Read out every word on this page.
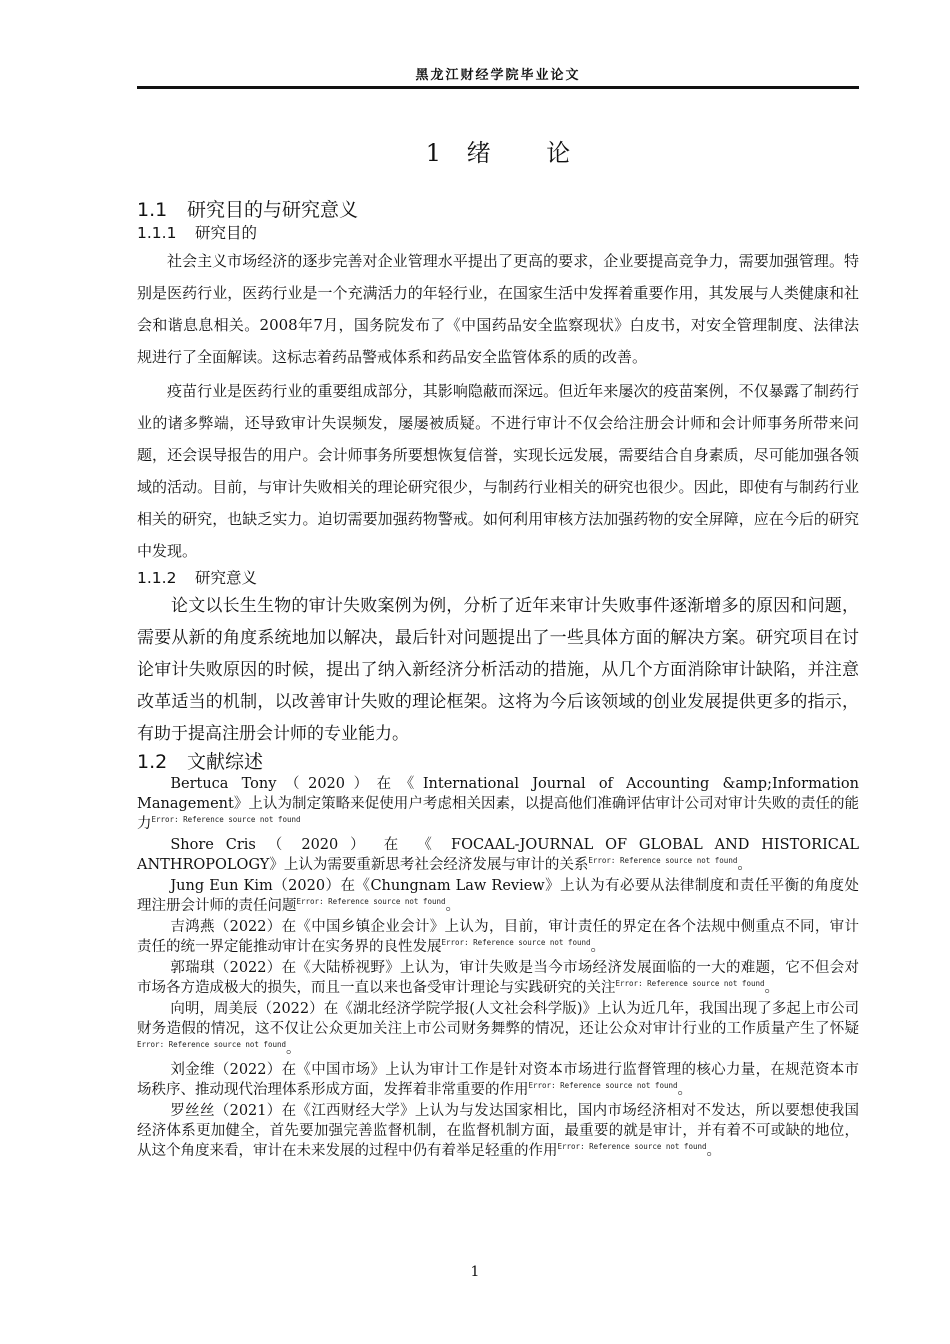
黑龙江财经学院毕业论文
1 绪 论
1.1 研究目的与研究意义
1.1.1 研究目的

社会主义市场经济的逐步完善对企业管理水平提出了更高的要求，企业要提高竞争力，需要加强管理。特别是医药行业，医药行业是一个充满活力的年轻行业，在国家生活中发挥着重要作用，其发展与人类健康和社会和谐息息相关。2008年7月，国务院发布了《中国药品安全监察现状》白皮书，对安全管理制度、法律法规进行了全面解读。这标志着药品警戒体系和药品安全监管体系的质的改善。

疫苗行业是医药行业的重要组成部分，其影响隐蔽而深远。但近年来屡次的疫苗案例，不仅暴露了制药行业的诸多弊端，还导致审计失误频发，屡屡被质疑。不进行审计不仅会给注册会计师和会计师事务所带来问题，还会误导报告的用户。会计师事务所要想恢复信誉，实现长远发展，需要结合自身素质，尽可能加强各领域的活动。目前，与审计失败相关的理论研究很少，与制药行业相关的研究也很少。因此，即使有与制药行业相关的研究，也缺乏实力。迫切需要加强药物警戒。如何利用审核方法加强药物的安全屏障，应在今后的研究中发现。

1.1.2 研究意义

论文以长生生物的审计失败案例为例，分析了近年来审计失败事件逐渐增多的原因和问题，需要从新的角度系统地加以解决，最后针对问题提出了一些具体方面的解决方案。研究项目在讨论审计失败原因的时候，提出了纳入新经济分析活动的措施，从几个方面消除审计缺陷，并注意改革适当的机制，以改善审计失败的理论框架。这将为今后该领域的创业发展提供更多的指示，有助于提高注册会计师的专业能力。

1.2 文献综述

Bertuca Tony（2020）在《International Journal of Accounting &amp;Information Management》上认为制定策略来促使用户考虑相关因素，以提高他们准确评估审计公司对审计失败的责任的能力$^{Error: Reference source not found}$

Shore Cris （ 2020 ） 在 《 FOCAAL-JOURNAL OF GLOBAL AND HISTORICAL ANTHROPOLOGY》上认为需要重新思考社会经济发展与审计的关系$^{Error: Reference source not found}$。

Jung Eun Kim（2020）在《Chungnam Law Review》上认为有必要从法律制度和责任平衡的角度处理注册会计师的责任问题$^{Error: Reference source not found}$。

吉鸿燕（2022）在《中国乡镇企业会计》上认为，目前，审计责任的界定在各个法规中侧重点不同，审计责任的统一界定能推动审计在实务界的良性发展$^{Error: Reference source not found}$。

郭瑞琪（2022）在《大陆桥视野》上认为，审计失败是当今市场经济发展面临的一大的难题，它不但会对市场各方造成极大的损失，而且一直以来也备受审计理论与实践研究的关注$^{Error: Reference source not found}$。

向明，周美辰（2022）在《湖北经济学院学报(人文社会科学版)》上认为近几年，我国出现了多起上市公司财务造假的情况，这不仅让公众更加关注上市公司财务舞弊的情况，还让公众对审计行业的工作质量产生了怀疑$^{Error: Reference source not found}$。

刘金维（2022）在《中国市场》上认为审计工作是针对资本市场进行监督管理的核心力量，在规范资本市场秩序、推动现代治理体系形成方面，发挥着非常重要的作用$^{Error: Reference source not found}$。

罗丝丝（2021）在《江西财经大学》上认为与发达国家相比，国内市场经济相对不发达，所以要想使我国经济体系更加健全，首先要加强完善监督机制，在监督机制方面，最重要的就是审计，并有着不可或缺的地位，从这个角度来看，审计在未来发展的过程中仍有着举足轻重的作用$^{Error: Reference source not found}$。

1
